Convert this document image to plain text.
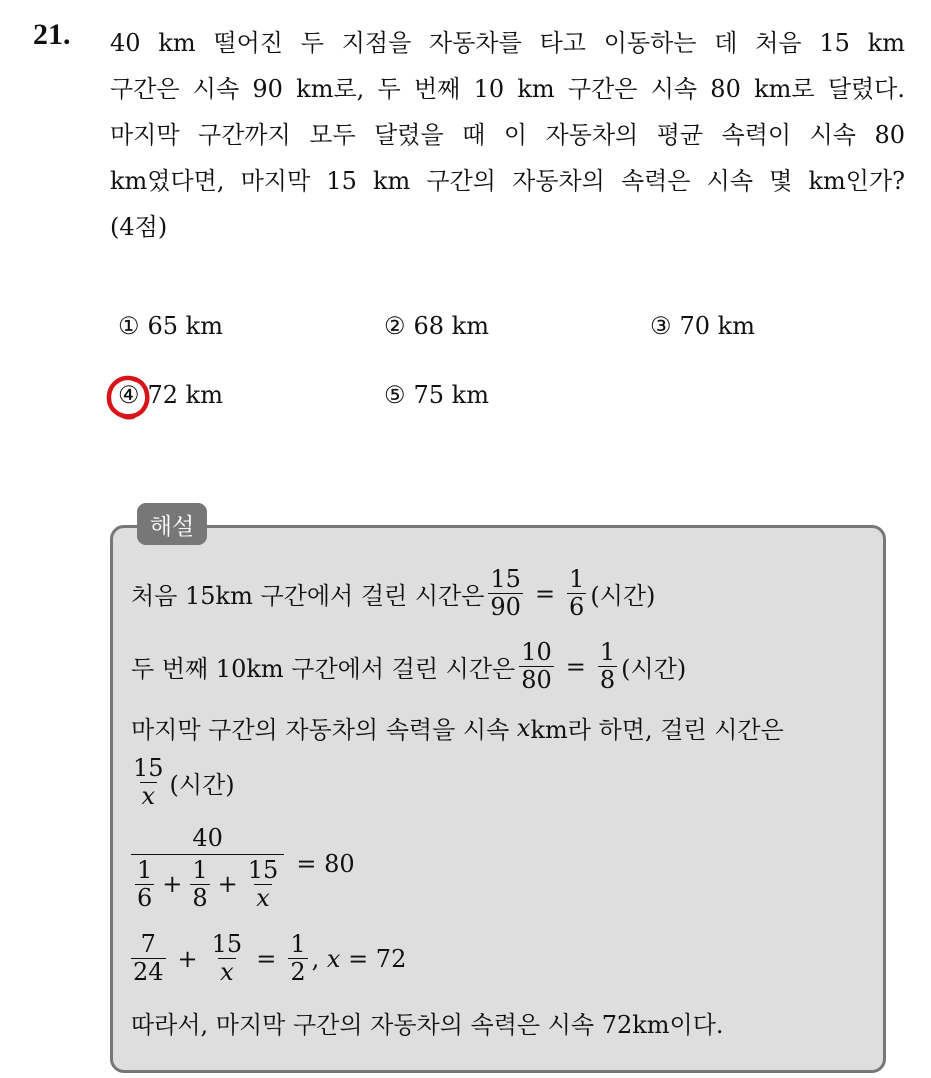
21. 40 km 떨어진 두 지점을 자동차를 타고 이동하는 데 처음 15 km
구간은 시속 90 km로, 두 번째 10 km 구간은 시속 80 km로 달렸다.
마지막 구간까지 모두 달렸을 때 이 자동차의 평균 속력이 시속 80
km였다면, 마지막 15 km 구간의 자동차의 속력은 시속 몇 km인가?
(4점)
① 65 km	② 68 km	③ 70 km
④ 72 km	⑤ 75 km
해설
처음 15km 구간에서 걸린 시간은 $\frac{15}{90} = \frac{1}{6}$ (시간)
두 번째 10km 구간에서 걸린 시간은 $\frac{10}{80} = \frac{1}{8}$ (시간)
마지막 구간의 자동차의 속력을 시속
x km라 하면, 걸린 시간은
$\frac{15}{x}$ (시간)
$\frac{40}{\frac{1}{6} + \frac{1}{8} + \frac{15}{x}} = 80$
$\frac{7}{24} + \frac{15}{x} = \frac{1}{2}$ ,
x
= 72
따라서, 마지막 구간의 자동차의 속력은 시속 72km이다.
